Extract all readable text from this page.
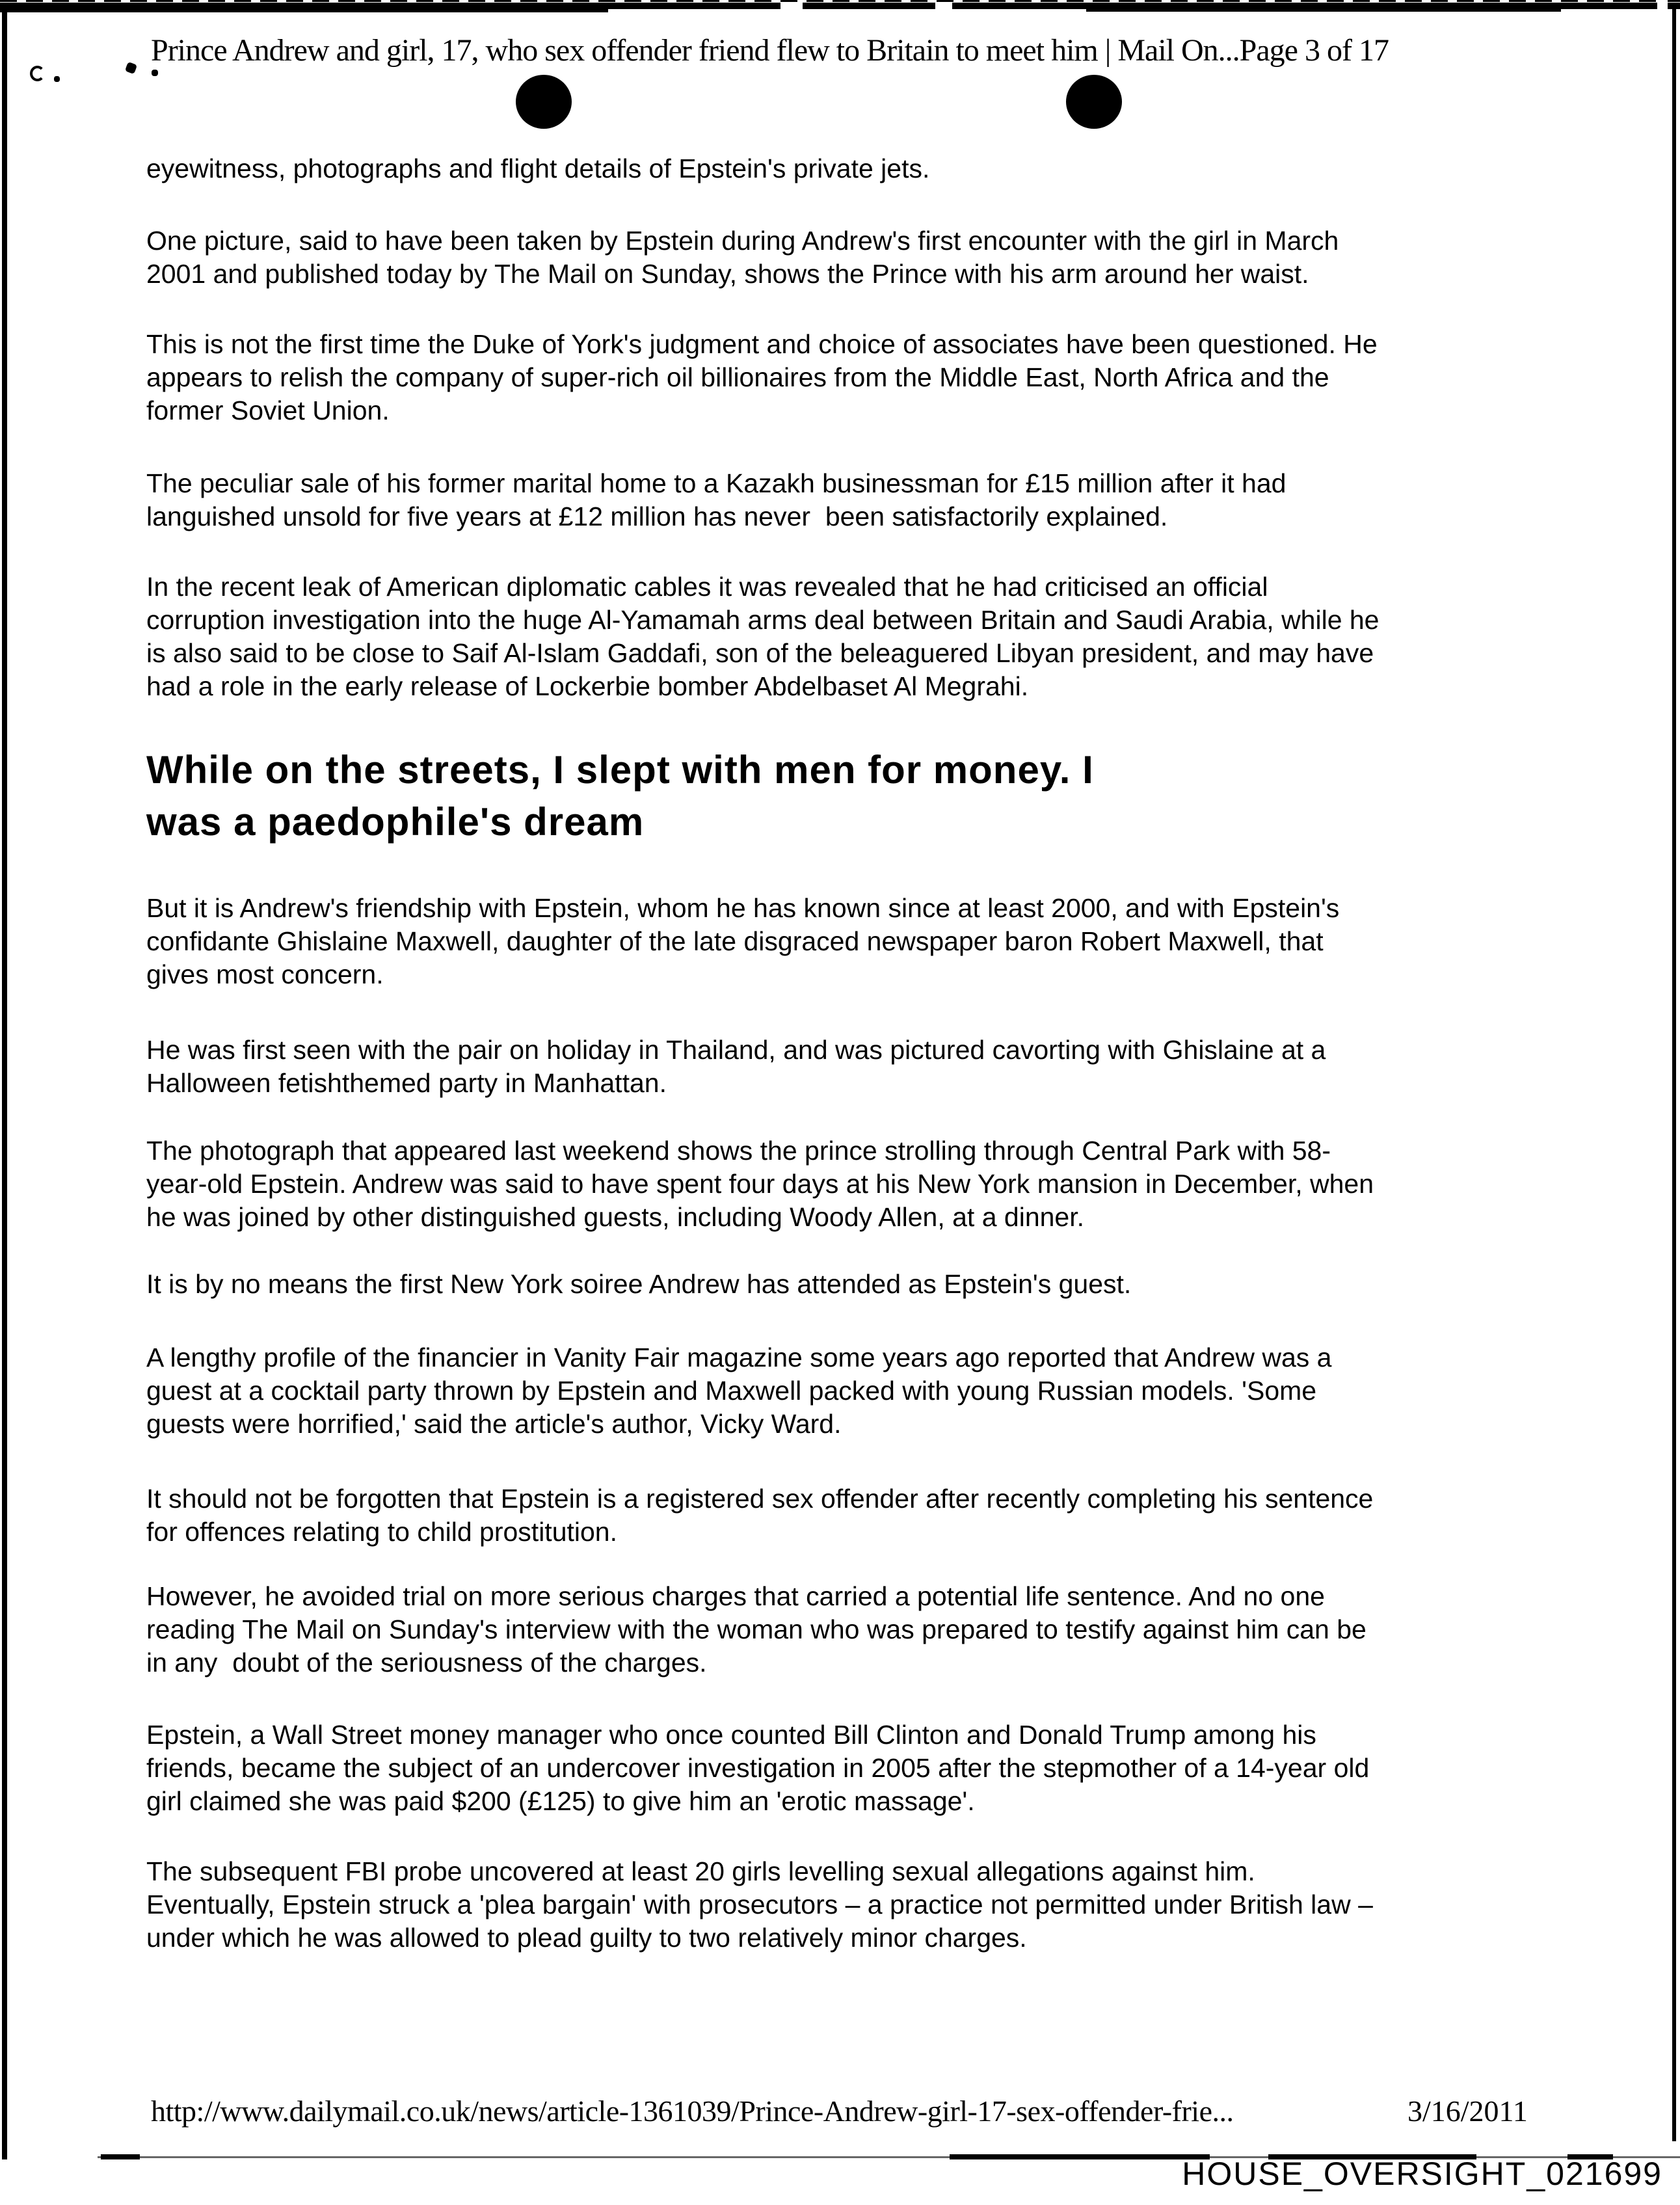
Prince Andrew and girl, 17, who sex offender friend flew to Britain to meet him | Mail On...Page 3 of 17
eyewitness, photographs and flight details of Epstein's private jets.
One picture, said to have been taken by Epstein during Andrew's first encounter with the girl in March
2001 and published today by The Mail on Sunday, shows the Prince with his arm around her waist.
This is not the first time the Duke of York's judgment and choice of associates have been questioned. He
appears to relish the company of super-rich oil billionaires from the Middle East, North Africa and the
former Soviet Union.
The peculiar sale of his former marital home to a Kazakh businessman for £15 million after it had
languished unsold for five years at £12 million has never  been satisfactorily explained.
In the recent leak of American diplomatic cables it was revealed that he had criticised an official
corruption investigation into the huge Al-Yamamah arms deal between Britain and Saudi Arabia, while he
is also said to be close to Saif Al-Islam Gaddafi, son of the beleaguered Libyan president, and may have
had a role in the early release of Lockerbie bomber Abdelbaset Al Megrahi.
While on the streets, I slept with men for money. I
was a paedophile's dream
But it is Andrew's friendship with Epstein, whom he has known since at least 2000, and with Epstein's
confidante Ghislaine Maxwell, daughter of the late disgraced newspaper baron Robert Maxwell, that
gives most concern.
He was first seen with the pair on holiday in Thailand, and was pictured cavorting with Ghislaine at a
Halloween fetishthemed party in Manhattan.
The photograph that appeared last weekend shows the prince strolling through Central Park with 58-
year-old Epstein. Andrew was said to have spent four days at his New York mansion in December, when
he was joined by other distinguished guests, including Woody Allen, at a dinner.
It is by no means the first New York soiree Andrew has attended as Epstein's guest.
A lengthy profile of the financier in Vanity Fair magazine some years ago reported that Andrew was a
guest at a cocktail party thrown by Epstein and Maxwell packed with young Russian models. 'Some
guests were horrified,' said the article's author, Vicky Ward.
It should not be forgotten that Epstein is a registered sex offender after recently completing his sentence
for offences relating to child prostitution.
However, he avoided trial on more serious charges that carried a potential life sentence. And no one
reading The Mail on Sunday's interview with the woman who was prepared to testify against him can be
in any  doubt of the seriousness of the charges.
Epstein, a Wall Street money manager who once counted Bill Clinton and Donald Trump among his
friends, became the subject of an undercover investigation in 2005 after the stepmother of a 14-year old
girl claimed she was paid $200 (£125) to give him an 'erotic massage'.
The subsequent FBI probe uncovered at least 20 girls levelling sexual allegations against him.
Eventually, Epstein struck a 'plea bargain' with prosecutors – a practice not permitted under British law –
under which he was allowed to plead guilty to two relatively minor charges.
http://www.dailymail.co.uk/news/article-1361039/Prince-Andrew-girl-17-sex-offender-frie...	3/16/2011
HOUSE_OVERSIGHT_021699
